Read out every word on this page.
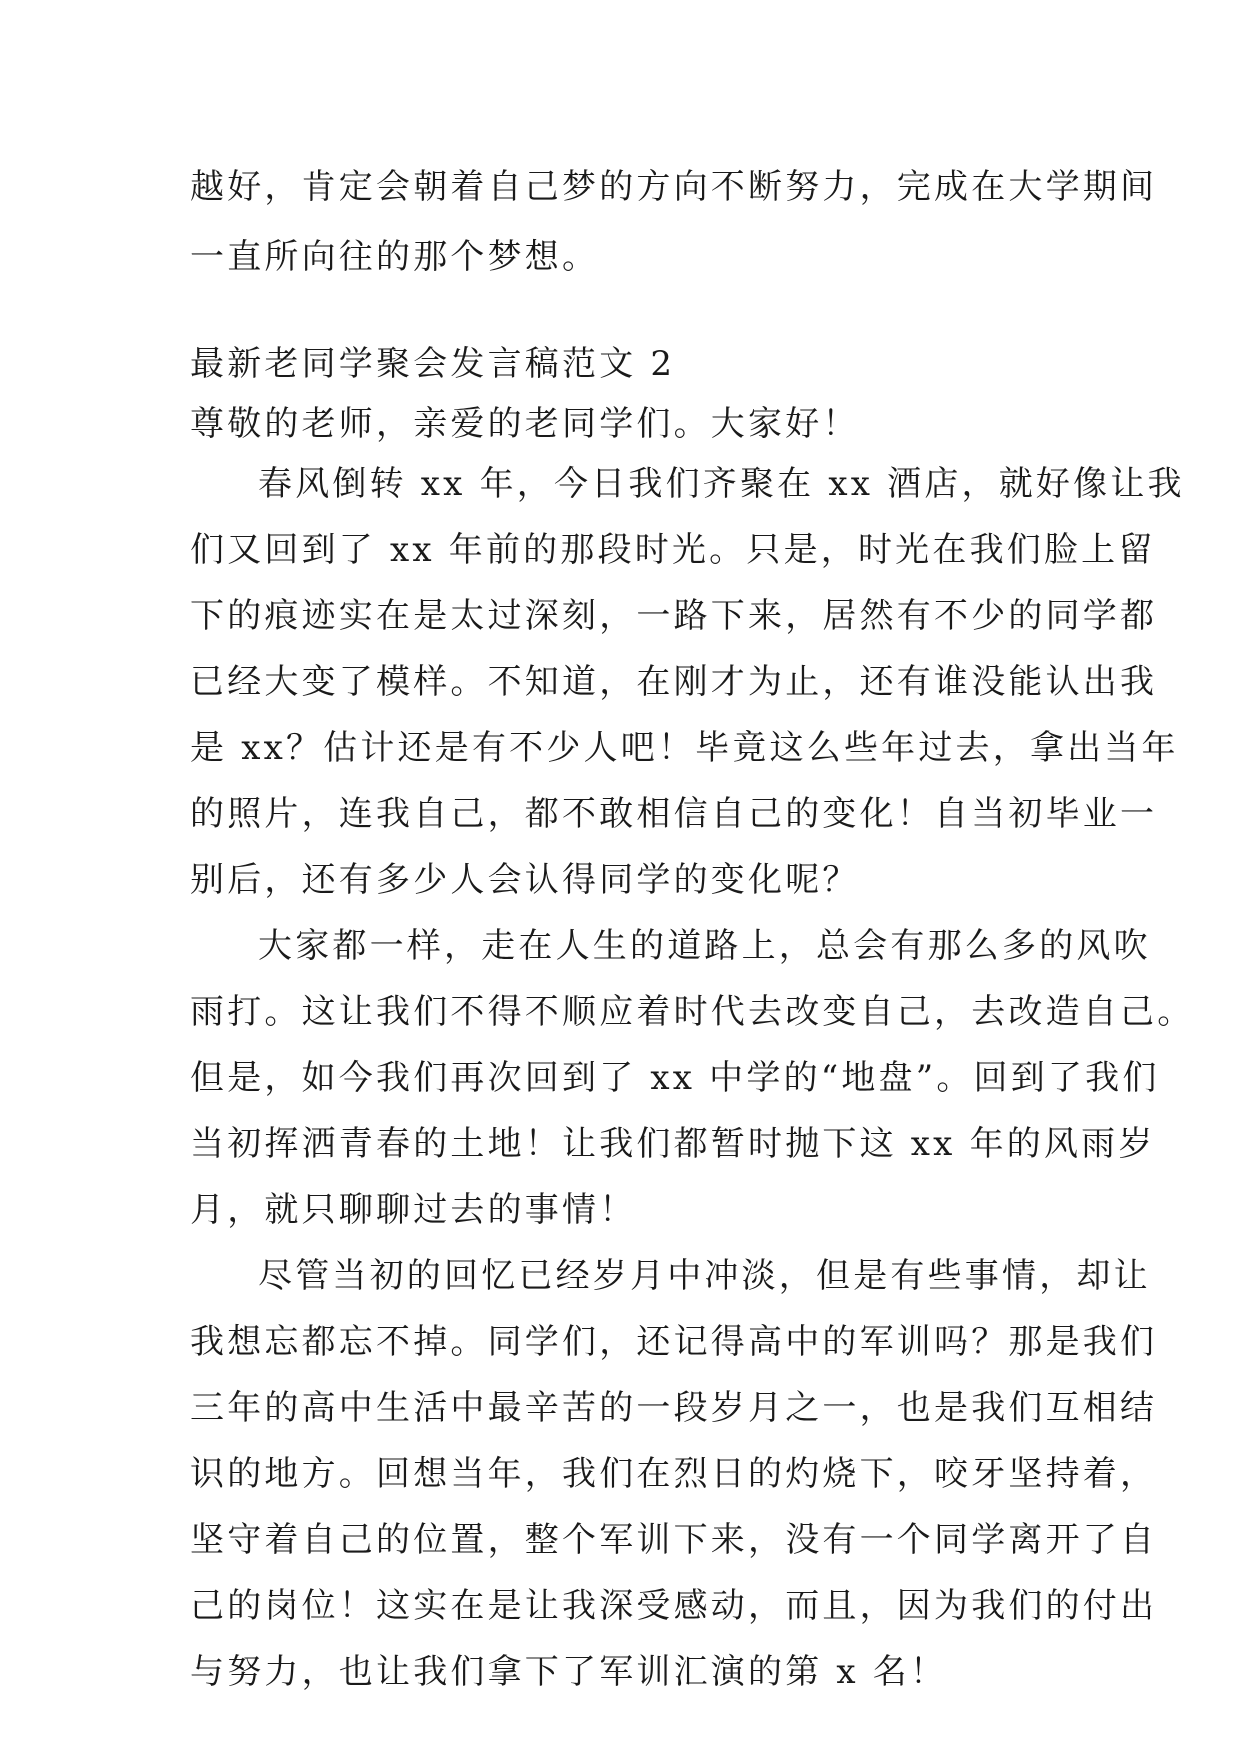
越好，肯定会朝着自己梦的方向不断努力，完成在大学期间
一直所向往的那个梦想。
最新老同学聚会发言稿范文 2
尊敬的老师，亲爱的老同学们。大家好！
春风倒转 xx 年，今日我们齐聚在 xx 酒店，就好像让我
们又回到了 xx 年前的那段时光。只是，时光在我们脸上留
下的痕迹实在是太过深刻，一路下来，居然有不少的同学都
已经大变了模样。不知道，在刚才为止，还有谁没能认出我
是 xx？估计还是有不少人吧！毕竟这么些年过去，拿出当年
的照片，连我自己，都不敢相信自己的变化！自当初毕业一
别后，还有多少人会认得同学的变化呢？
大家都一样，走在人生的道路上，总会有那么多的风吹
雨打。这让我们不得不顺应着时代去改变自己，去改造自己。
但是，如今我们再次回到了 xx 中学的“地盘”。回到了我们
当初挥洒青春的土地！让我们都暂时抛下这 xx 年的风雨岁
月，就只聊聊过去的事情！
尽管当初的回忆已经岁月中冲淡，但是有些事情，却让
我想忘都忘不掉。同学们，还记得高中的军训吗？那是我们
三年的高中生活中最辛苦的一段岁月之一，也是我们互相结
识的地方。回想当年，我们在烈日的灼烧下，咬牙坚持着，
坚守着自己的位置，整个军训下来，没有一个同学离开了自
己的岗位！这实在是让我深受感动，而且，因为我们的付出
与努力，也让我们拿下了军训汇演的第 x 名！
